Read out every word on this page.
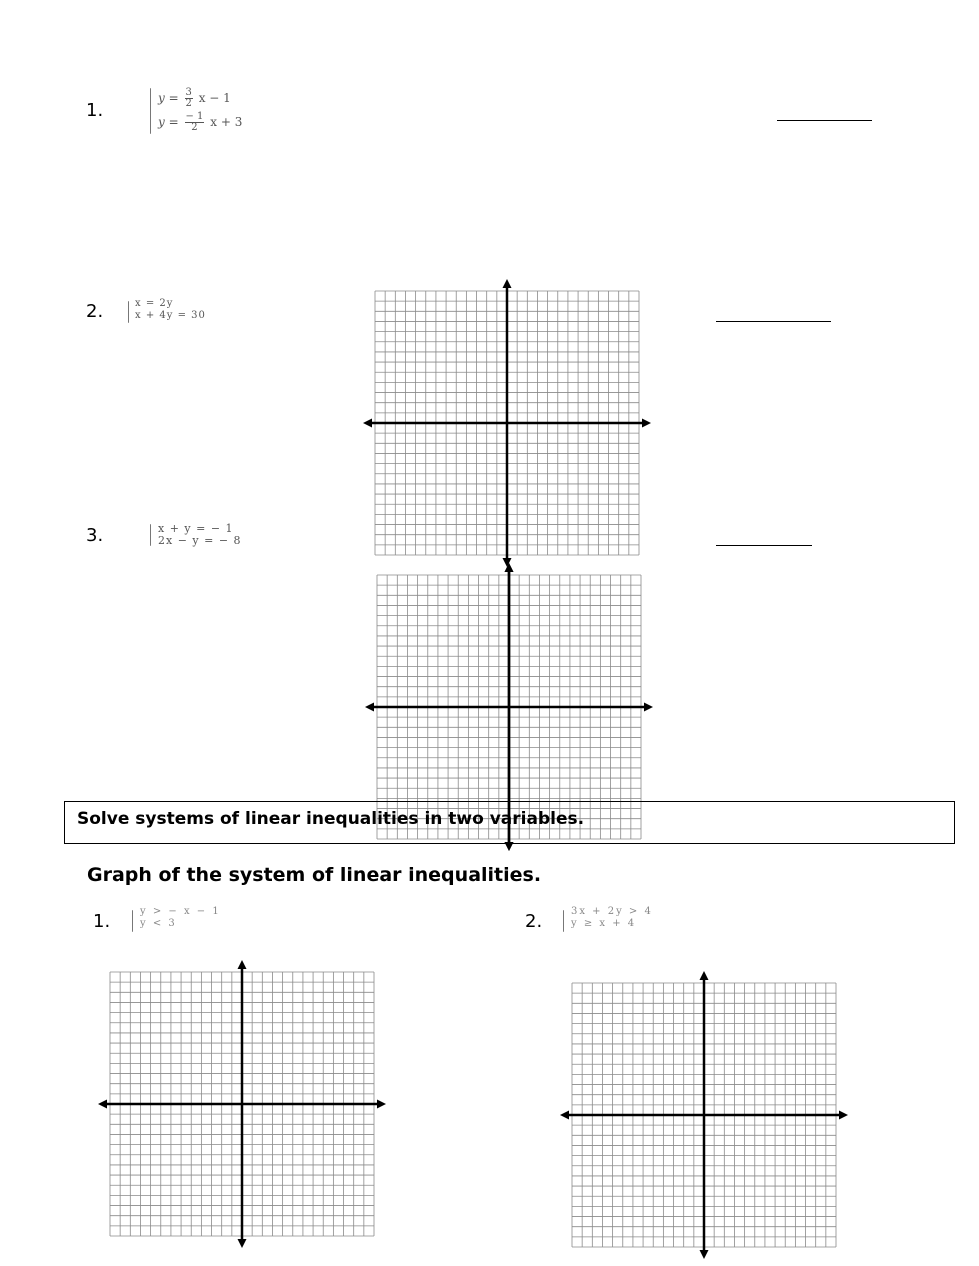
1.
$y = \frac{3}{2}$ x − 1
$y = \frac{- 1}{2}$ x + 3
2.	x = 2y
x + 4y = 30
3.	x + y = − 1
2x − y = − 8
Solve systems of linear inequalities in two variables.
Graph of the system of linear inequalities.
1.	y > − x − 1
y < 3	2.	3x + 2y > 4
y ≥ x + 4
